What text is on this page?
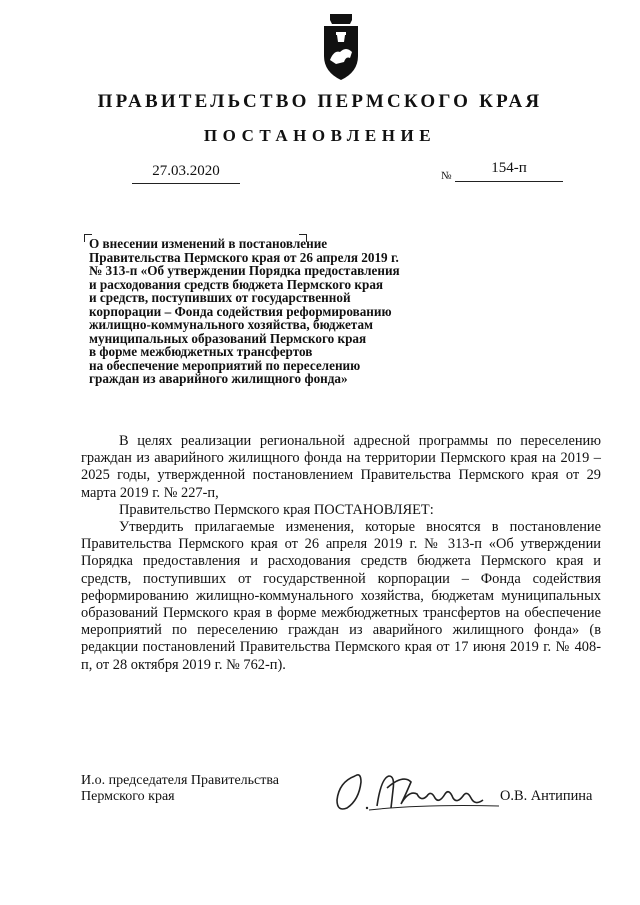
ПРАВИТЕЛЬСТВО ПЕРМСКОГО КРАЯ
ПОСТАНОВЛЕНИЕ
27.03.2020	№	154-п
О внесении изменений в постановление
Правительства Пермского края от 26 апреля 2019 г.
№ 313-п «Об утверждении Порядка предоставления
и расходования средств бюджета Пермского края
и средств, поступивших от государственной
корпорации – Фонда содействия реформированию
жилищно-коммунального хозяйства, бюджетам
муниципальных образований Пермского края
в форме межбюджетных трансфертов
на обеспечение мероприятий по переселению
граждан из аварийного жилищного фонда»

В целях реализации региональной адресной программы по переселению граждан из аварийного жилищного фонда на территории Пермского края на 2019 – 2025 годы, утвержденной постановлением Правительства Пермского края от 29 марта 2019 г. № 227-п,

Правительство Пермского края ПОСТАНОВЛЯЕТ:

Утвердить прилагаемые изменения, которые вносятся в постановление Правительства Пермского края от 26 апреля 2019 г. № 313-п «Об утверждении Порядка предоставления и расходования средств бюджета Пермского края и средств, поступивших от государственной корпорации – Фонда содействия реформированию жилищно-коммунального хозяйства, бюджетам муниципальных образований Пермского края в форме межбюджетных трансфертов на обеспечение мероприятий по переселению граждан из аварийного жилищного фонда» (в редакции постановлений Правительства Пермского края от 17 июня 2019 г. № 408-п, от 28 октября 2019 г. № 762-п).

И.о. председателя Правительства
Пермского края	О.В. Антипина
